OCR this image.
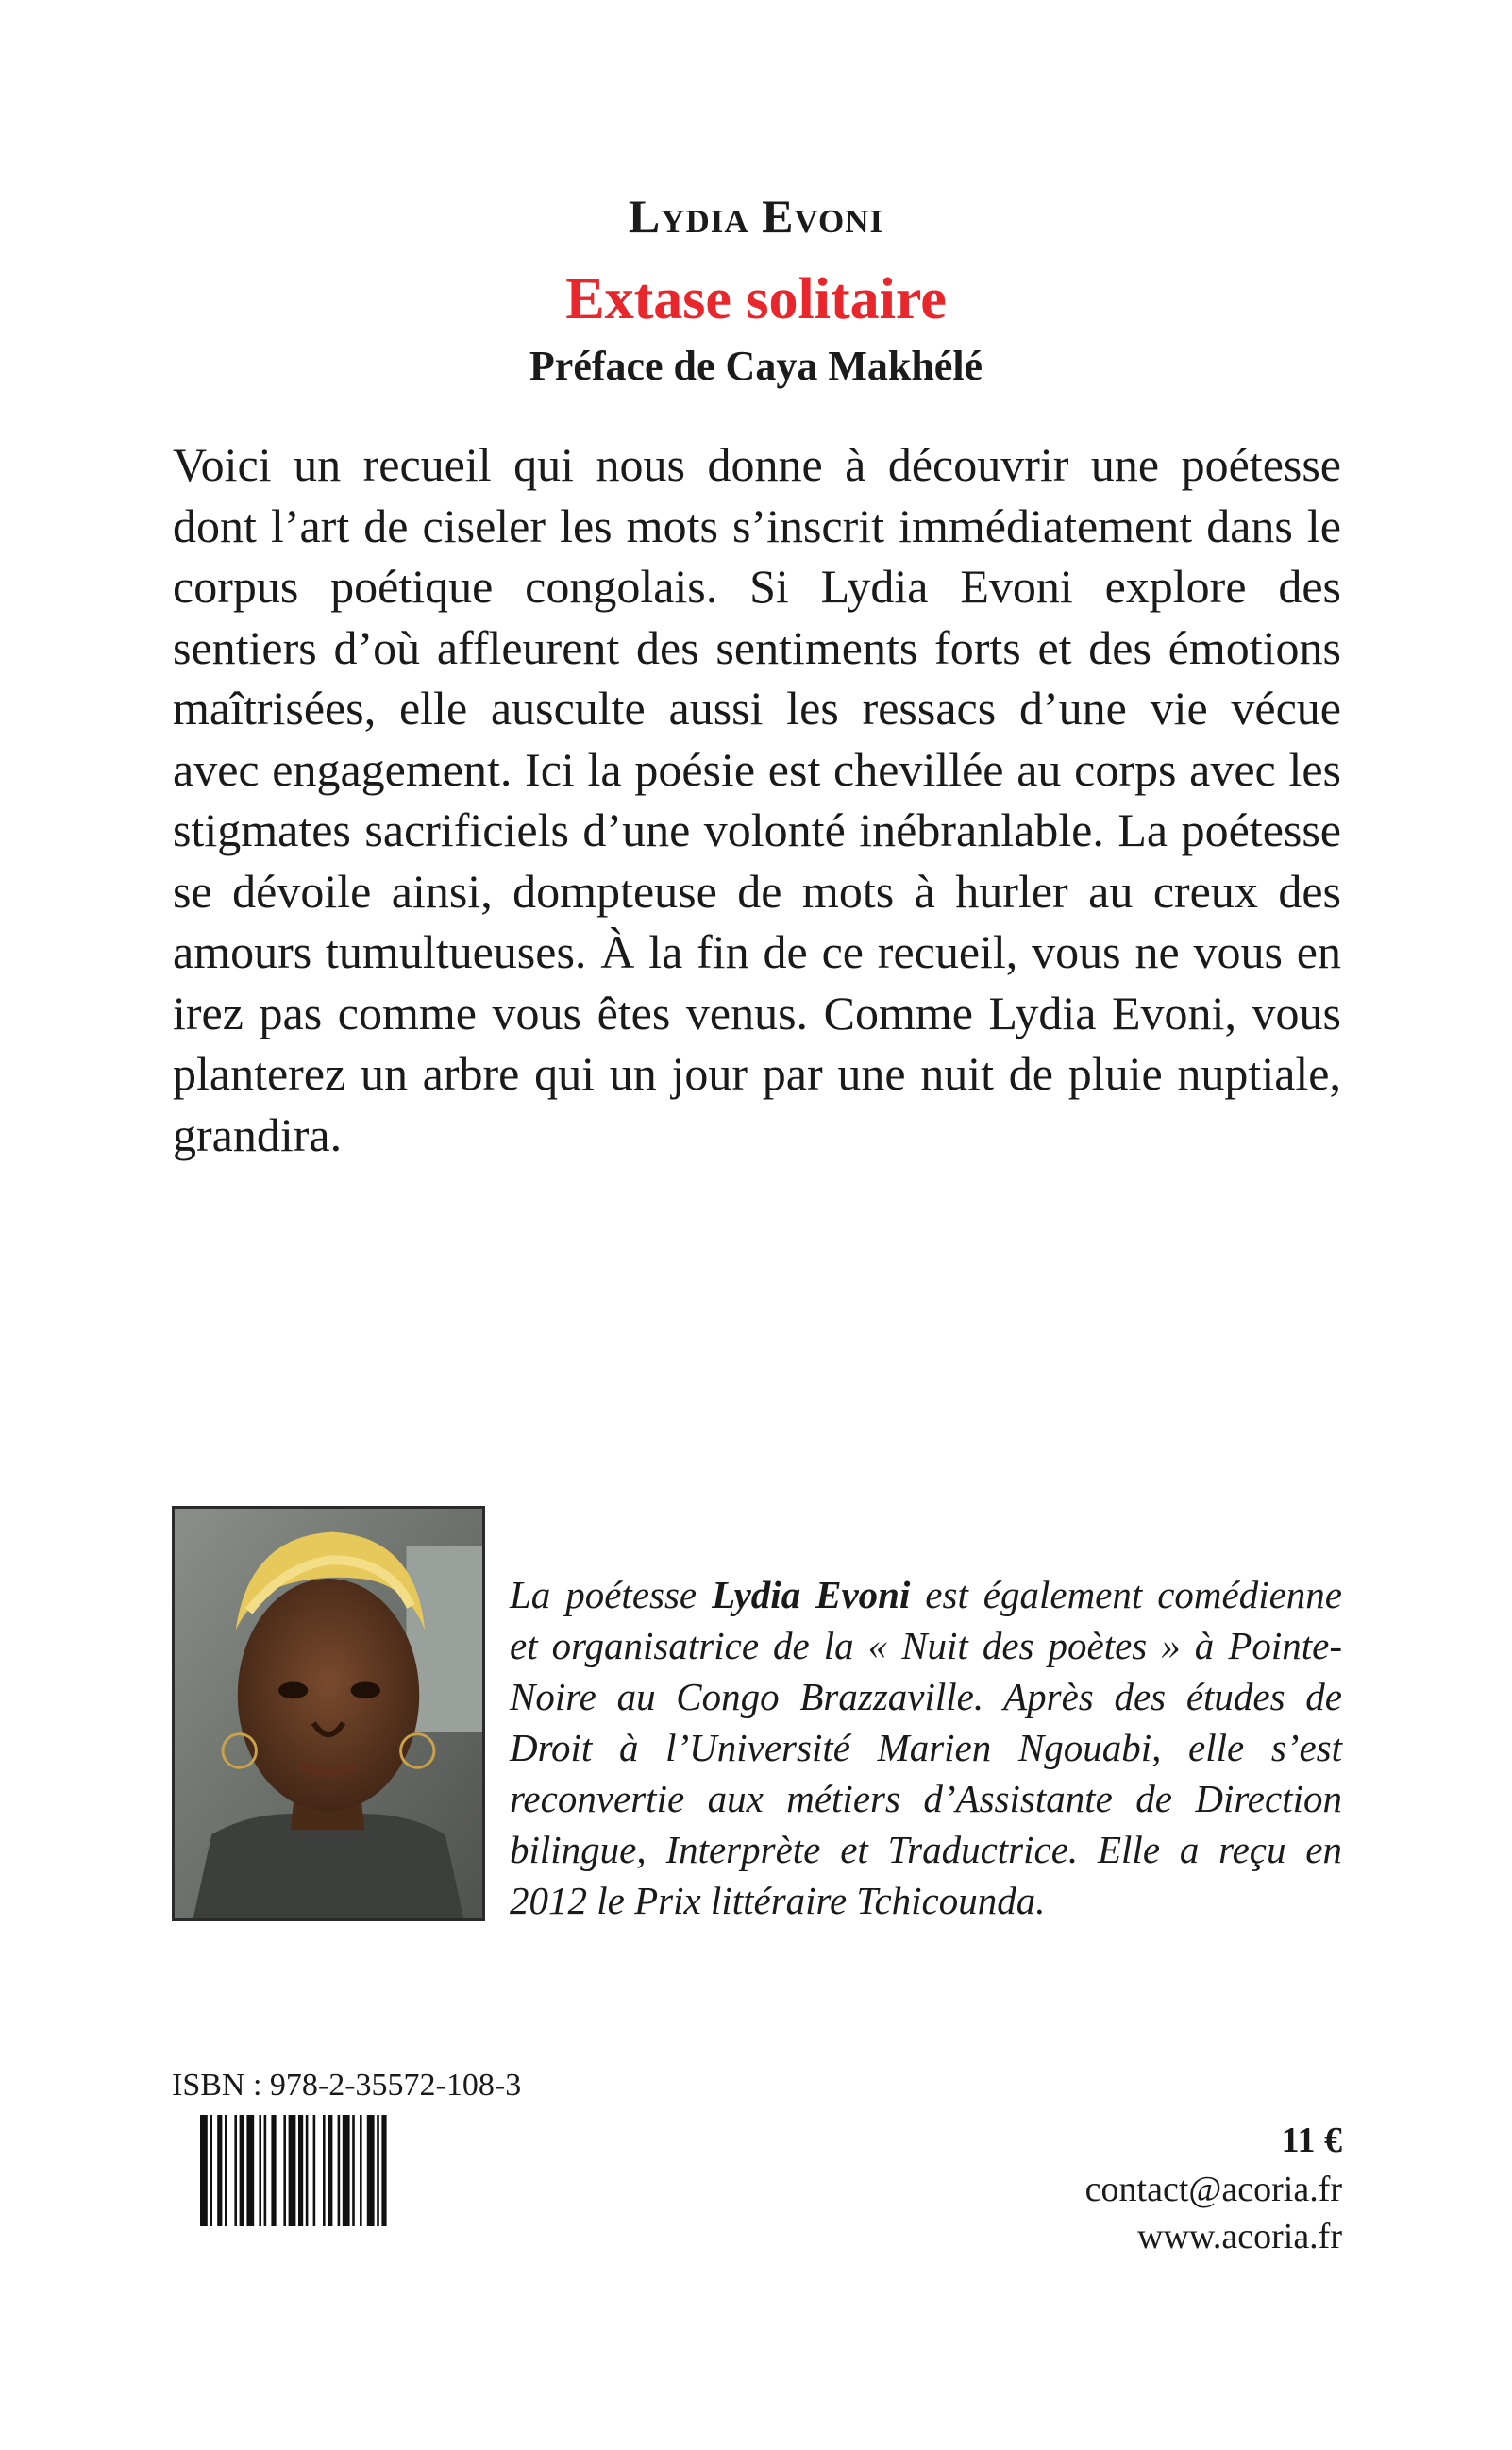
Lydia Evoni
Extase solitaire
Préface de Caya Makhélé

Voici un recueil qui nous donne à découvrir une poétesse dont l’art de ciseler les mots s’inscrit immédiatement dans le corpus poétique congolais. Si Lydia Evoni explore des sentiers d’où affleurent des sentiments forts et des émotions maîtrisées, elle ausculte aussi les ressacs d’une vie vécue avec engagement. Ici la poésie est chevillée au corps avec les stigmates sacrificiels d’une volonté inébranlable. La poétesse se dévoile ainsi, dompteuse de mots à hurler au creux des amours tumultueuses. À la fin de ce recueil, vous ne vous en irez pas comme vous êtes venus. Comme Lydia Evoni, vous planterez un arbre qui un jour par une nuit de pluie nuptiale, grandira.

La poétesse Lydia Evoni est également comédienne et organisatrice de la « Nuit des poètes » à Pointe-Noire au Congo Brazzaville. Après des études de Droit à l’Université Marien Ngouabi, elle s’est reconvertie aux métiers d’Assistante de Direction bilingue, Interprète et Traductrice. Elle a reçu en 2012 le Prix littéraire Tchicounda.

ISBN : 978-2-35572-108-3
11 €
contact@acoria.fr
www.acoria.fr
